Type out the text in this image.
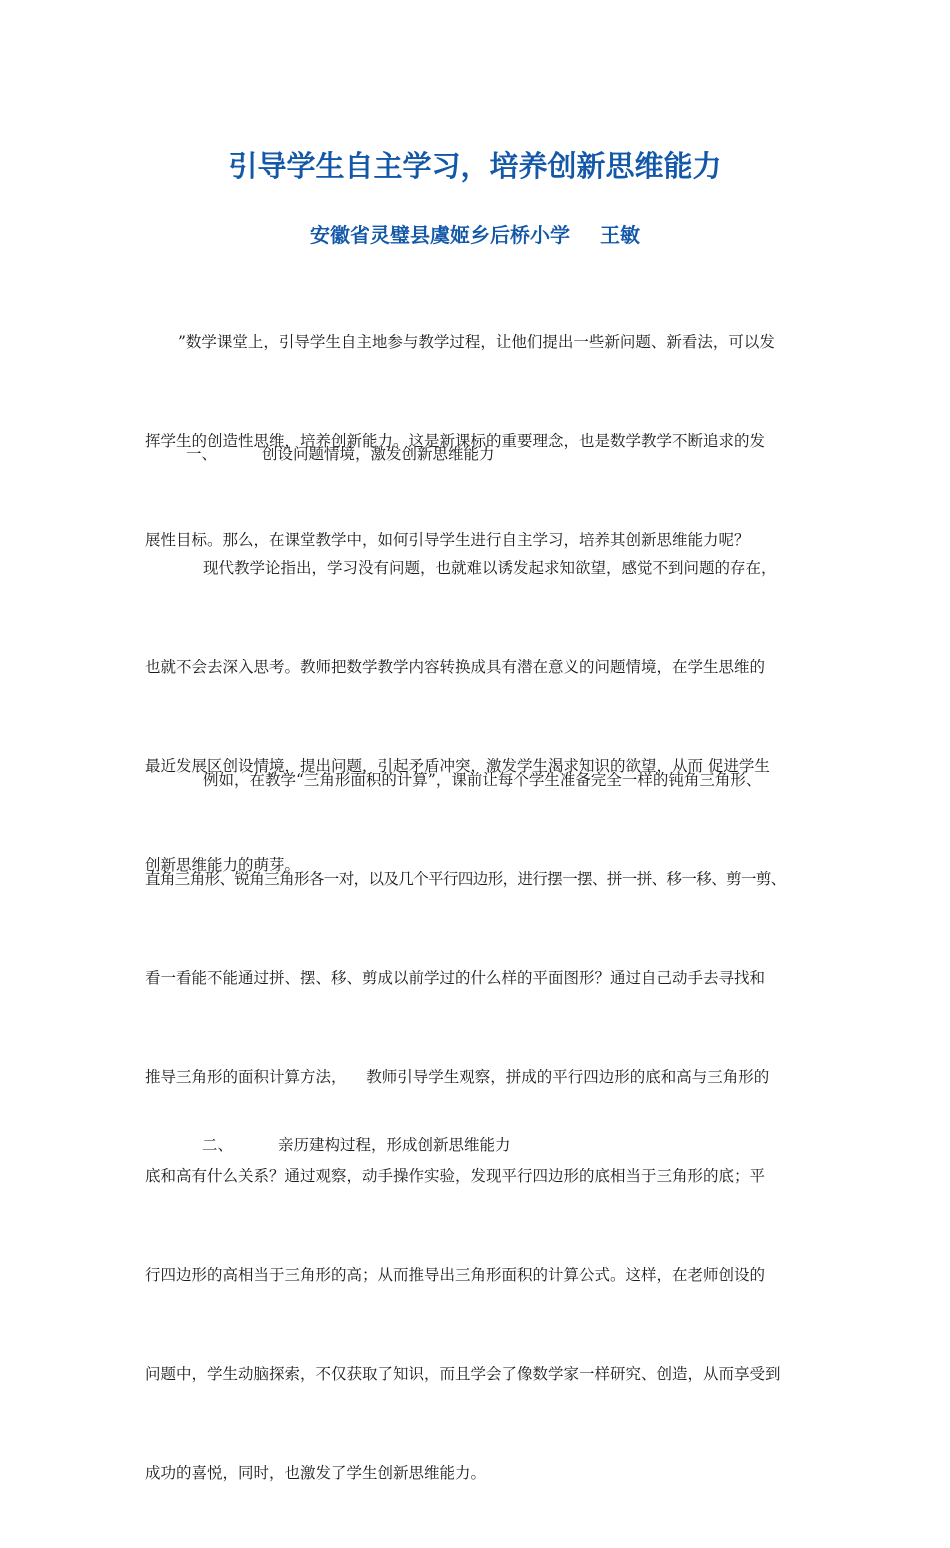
引导学生自主学习，培养创新思维能力

安徽省灵璧县虞姬乡后桥小学 王敏

”数学课堂上，引导学生自主地参与教学过程，让他们提出一些新问题、新看法，可以发

挥学生的创造性思维，培养创新能力。这是新课标的重要理念，也是数学教学不断追求的发

展性目标。那么，在课堂教学中，如何引导学生进行自主学习，培养其创新思维能力呢？

一、	创设问题情境，激发创新思维能力

现代教学论指出，学习没有问题，也就难以诱发起求知欲望，感觉不到问题的存在，

也就不会去深入思考。教师把数学教学内容转换成具有潜在意义的问题情境，在学生思维的

最近发展区创设情境，提出问题，引起矛盾冲突，激发学生渴求知识的欲望，从而 促进学生

创新思维能力的萌芽。

例如，在教学“三角形面积的计算”，课前让每个学生准备完全一样的钝角三角形、

直角三角形、锐角三角形各一对，以及几个平行四边形，进行摆一摆、拼一拼、移一移、剪一剪、

看一看能不能通过拼、摆、移、剪成以前学过的什么样的平面图形？通过自己动手去寻找和

推导三角形的面积计算方法，    教师引导学生观察，拼成的平行四边形的底和高与三角形的

底和高有什么关系？通过观察，动手操作实验，发现平行四边形的底相当于三角形的底；平

行四边形的高相当于三角形的高；从而推导出三角形面积的计算公式。这样，在老师创设的

问题中，学生动脑探索，不仅获取了知识，而且学会了像数学家一样研究、创造，从而享受到

成功的喜悦，同时，也激发了学生创新思维能力。

二、	亲历建构过程，形成创新思维能力
